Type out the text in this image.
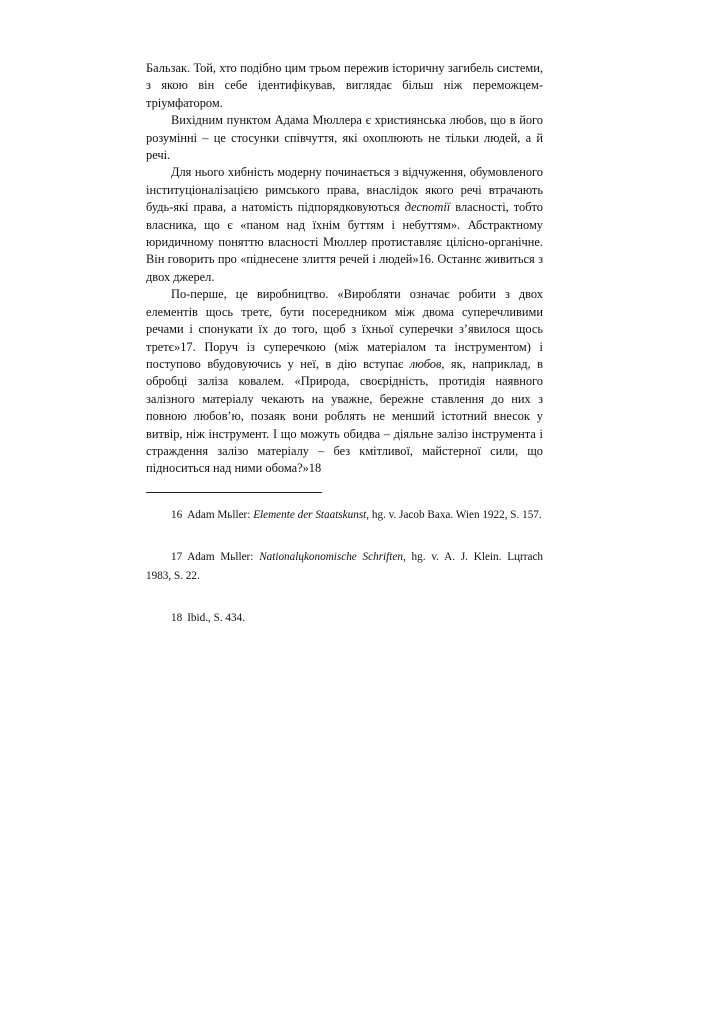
Бальзак. Той, хто подібно цим трьом пережив історичну загибель системи, з якою він себе ідентифікував, виглядає більш ніж переможцем-тріумфатором.

Вихідним пунктом Адама Мюллера є християнська любов, що в його розумінні – це стосунки співчуття, які охоплюють не тільки людей, а й речі.

Для нього хибність модерну починається з відчуження, обумовленого інституціоналізацією римського права, внаслідок якого речі втрачають будь-які права, а натомість підпорядковуються деспотії власності, тобто власника, що є «паном над їхнім буттям і небуттям». Абстрактному юридичному поняттю власності Мюллер протиставляє цілісно-органічне. Він говорить про «піднесене злиття речей і людей»16. Останнє живиться з двох джерел.

По-перше, це виробництво. «Виробляти означає робити з двох елементів щось третє, бути посередником між двома суперечливими речами і спонукати їх до того, щоб з їхньої суперечки з’явилося щось третє»17. Поруч із суперечкою (між матеріалом та інструментом) і поступово вбудовуючись у неї, в дію вступає любов, як, наприклад, в обробці заліза ковалем. «Природа, своєрідність, протидія наявного залізного матеріалу чекають на уважне, бережне ставлення до них з повною любов’ю, позаяк вони роблять не менший істотний внесок у витвір, ніж інструмент. І що можуть обидва – діяльне залізо інструмента і страждення залізо матеріалу – без кмітливої, майстерної сили, що підноситься над ними обома?»18

16 Adam Mьller: Elemente der Staatskunst, hg. v. Jacob Baxa. Wien 1922, S. 157.

17 Adam Mьller: Nationalцkonomische Schriften, hg. v. A. J. Klein. Lцrrach 1983, S. 22.

18 Ibid., S. 434.
